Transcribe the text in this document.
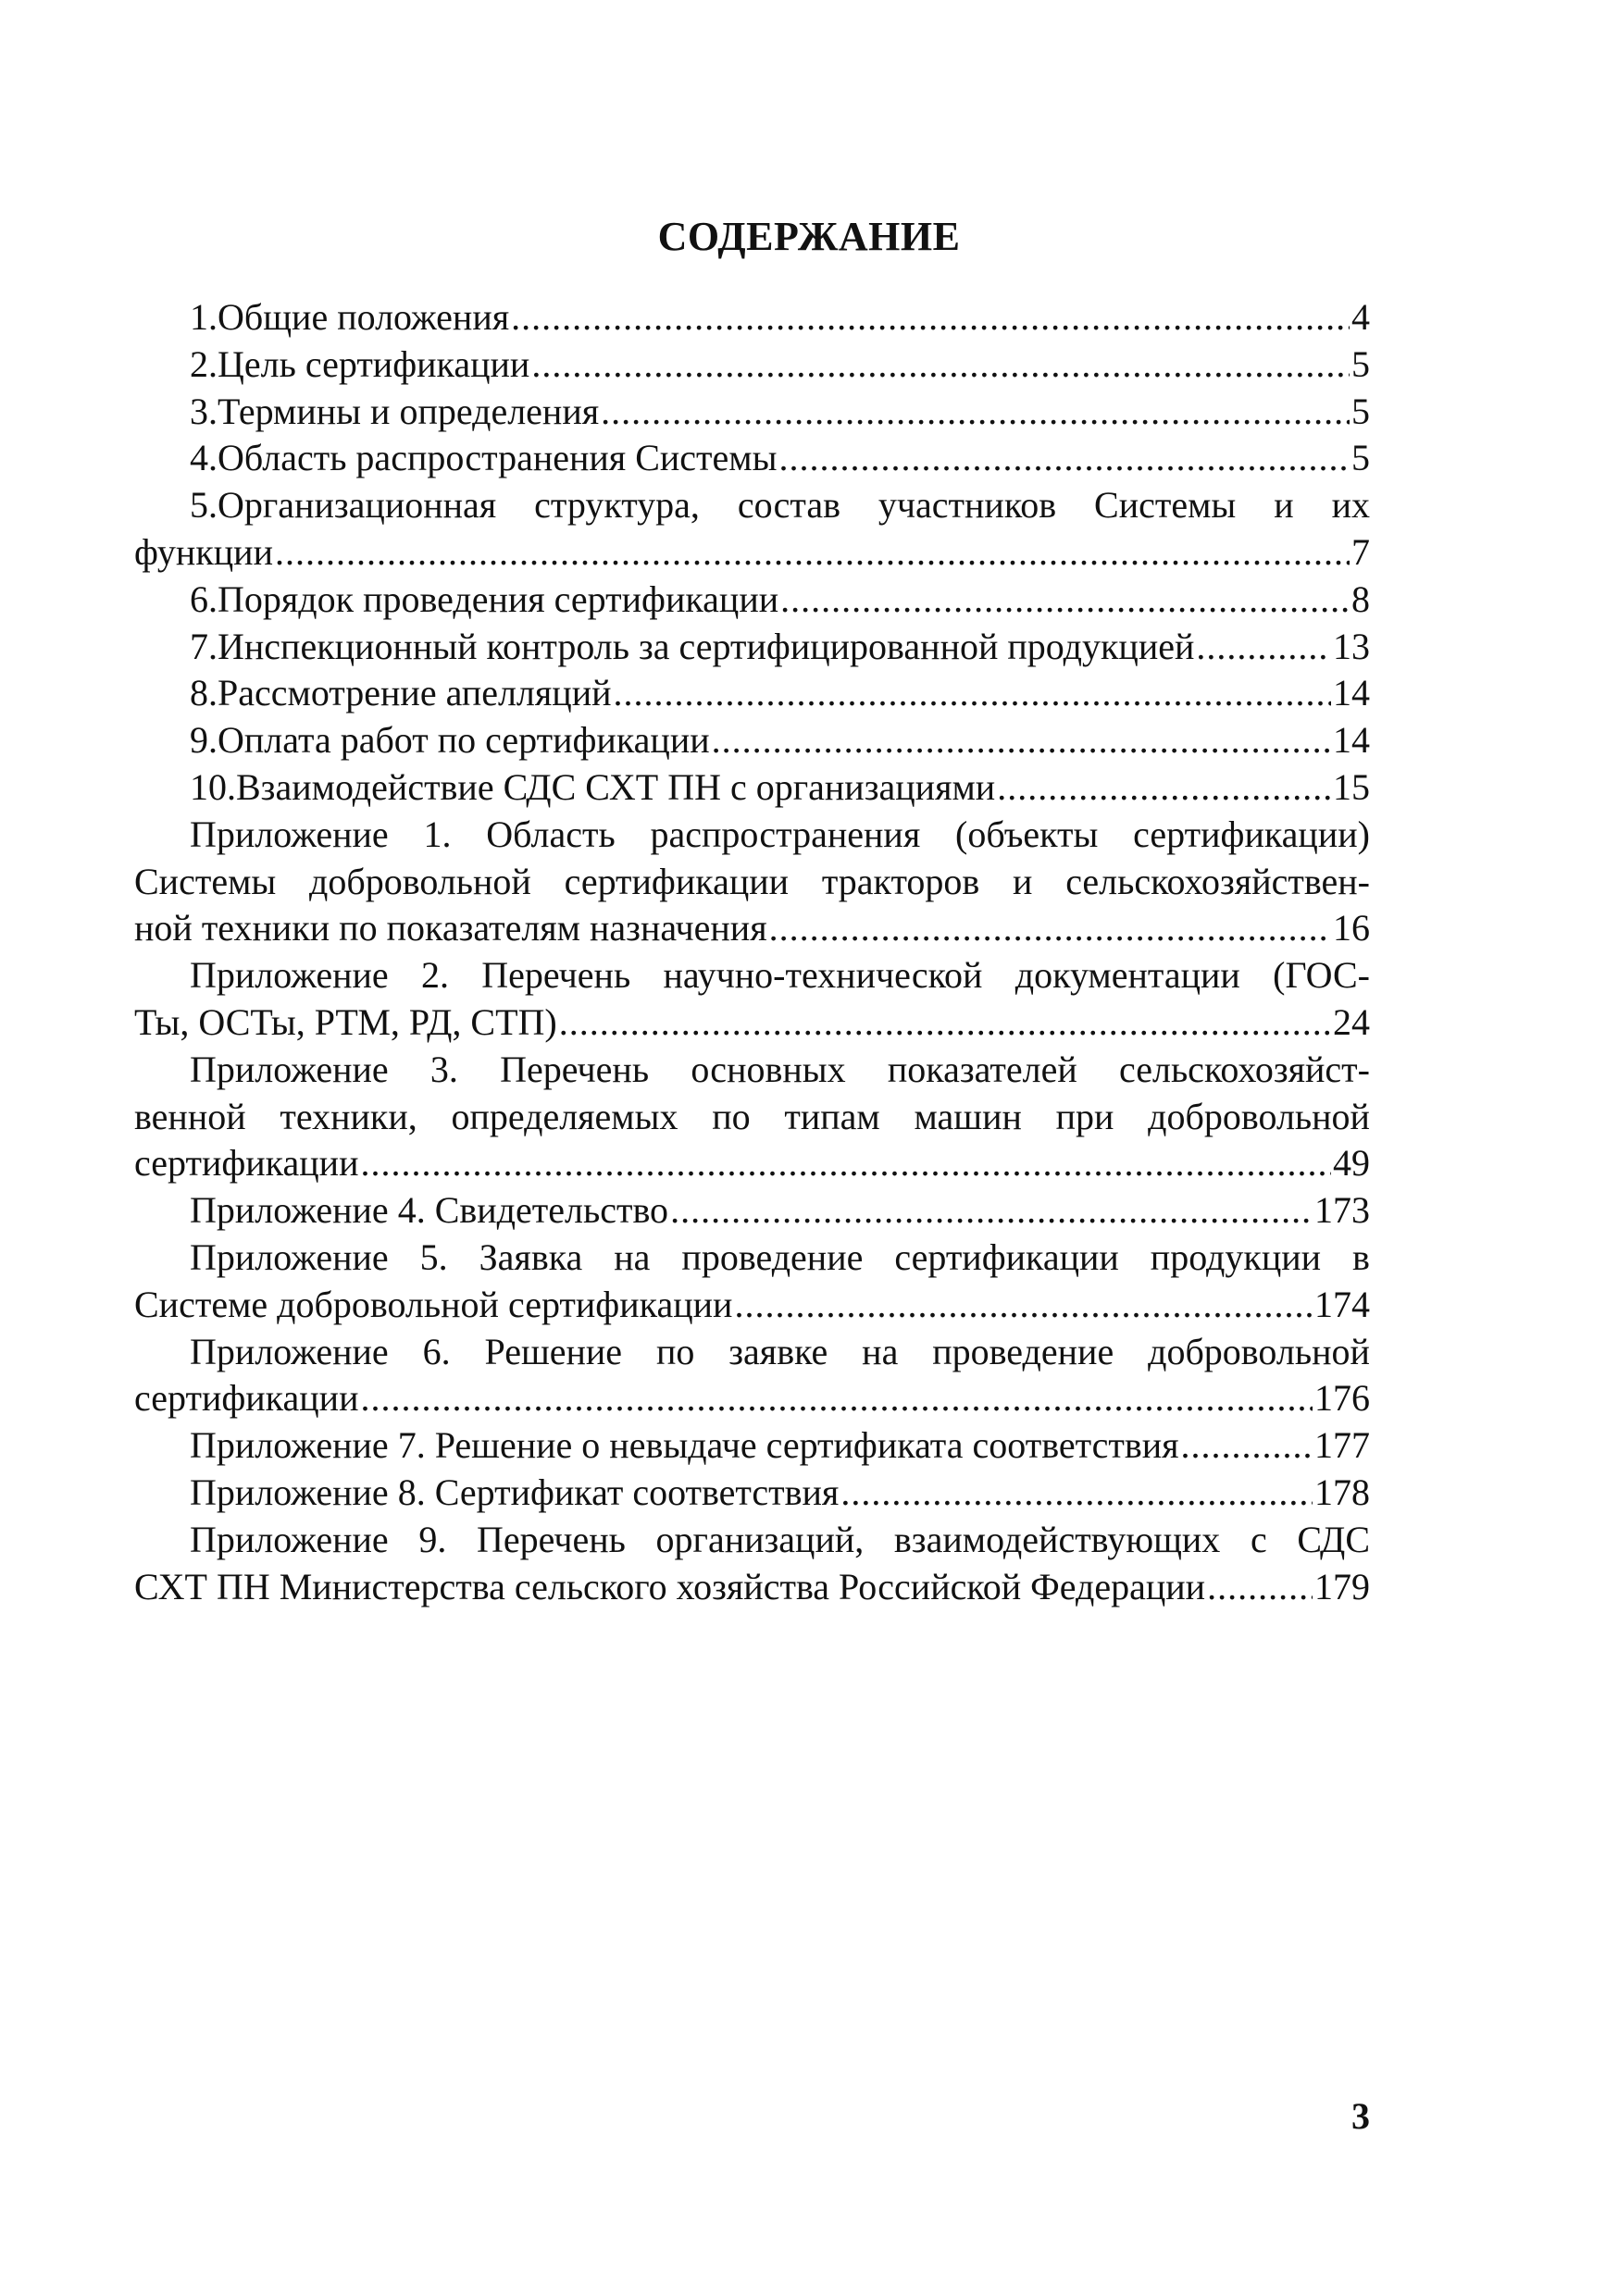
СОДЕРЖАНИЕ
1.Общие положения .....	4
2.Цель сертификации .....	5
3.Термины и определения .....	5
4.Область распространения Системы .....	5
5.Организационная структура, состав участников Системы и их
функции .....	7
6.Порядок проведения сертификации .....	8
7.Инспекционный контроль за сертифицированной продукцией .....	13
8.Рассмотрение апелляций .....	14
9.Оплата работ по сертификации .....	14
10.Взаимодействие СДС СХТ ПН с организациями .....	15
Приложение 1. Область распространения (объекты сертификации)
Системы добровольной сертификации тракторов и сельскохозяйствен-
ной техники по показателям назначения .....	16
Приложение 2. Перечень научно-технической документации (ГОС-
Ты, ОСТы, РТМ, РД, СТП) .....	24
Приложение 3. Перечень основных показателей сельскохозяйст-
венной техники, определяемых по типам машин при добровольной
сертификации .....	49
Приложение 4. Свидетельство .....	173
Приложение 5. Заявка на проведение сертификации продукции в
Системе добровольной сертификации .....	174
Приложение 6. Решение по заявке на проведение добровольной
сертификации .....	176
Приложение 7. Решение о невыдаче сертификата соответствия .....	177
Приложение 8. Сертификат соответствия .....	178
Приложение 9. Перечень организаций, взаимодействующих с СДС
СХТ ПН Министерства сельского хозяйства Российской Федерации .....	179
3
